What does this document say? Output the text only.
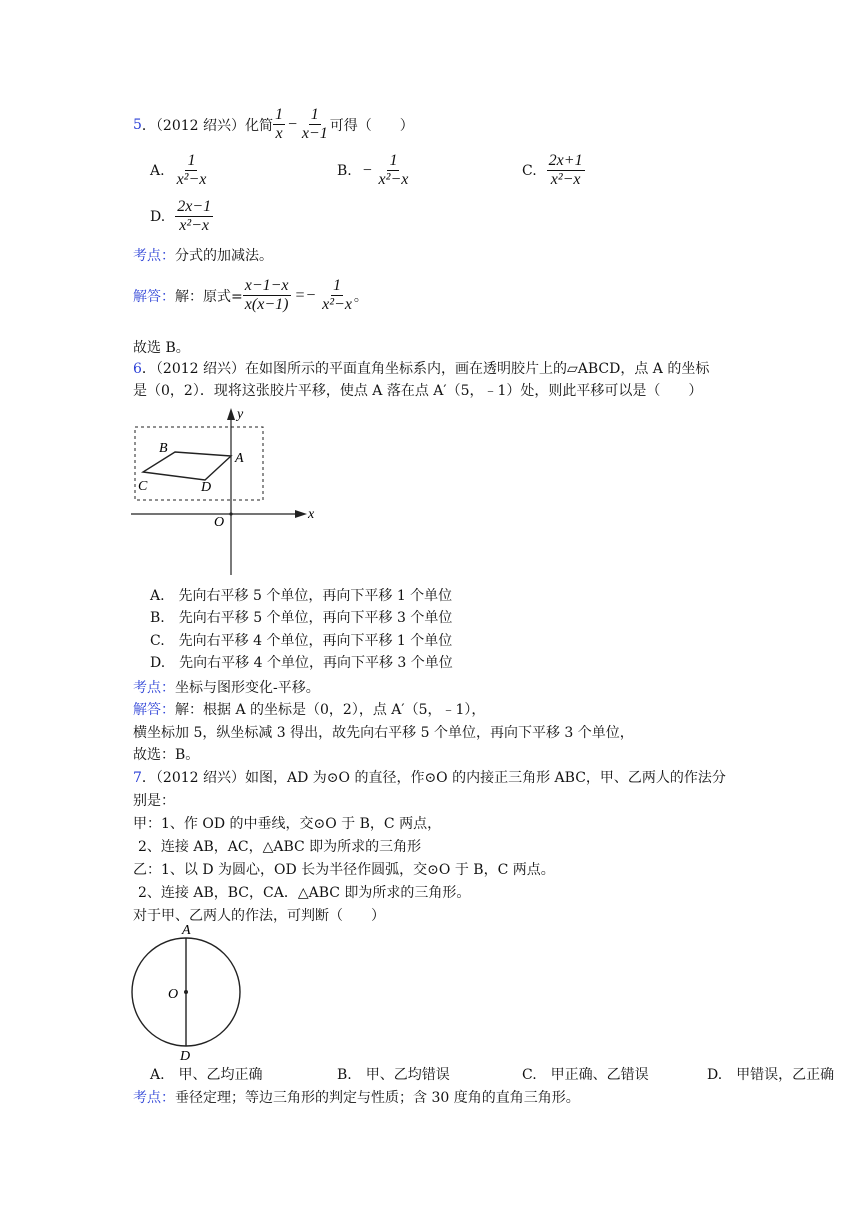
5 ．（2012 绍兴）化简 $\frac{1}{x} - \frac{1}{x-1}$ 可得（　　）
A. $\frac{1}{\text{x²−x}}$	B. − $\frac{1}{\text{x²−x}}$	C. $\frac{2x+1}{\text{x²−x}}$
D. $\frac{2x-1}{\text{x²−x}}$
考点：分式的加减法。
解答： 解：原式= $\frac{x-1-x}{x(x-1)} =- \frac{1}{\text{x²−x}}$ 。
故选 B。
6．（2012 绍兴）在如图所示的平面直角坐标系内，画在透明胶片上的▱ABCD，点 A 的坐标
是（0，2）．现将这张胶片平移，使点 A 落在点 A′（5，﹣1）处，则此平移可以是（　　）
x
y
A
B
C	D
O
A.　先向右平移 5 个单位，再向下平移 1 个单位
B.　先向右平移 5 个单位，再向下平移 3 个单位
C.　先向右平移 4 个单位，再向下平移 1 个单位
D.　先向右平移 4 个单位，再向下平移 3 个单位
考点：坐标与图形变化-平移。
解答：解：根据 A 的坐标是（0，2），点 A′（5，﹣1），
横坐标加 5，纵坐标减 3 得出，故先向右平移 5 个单位，再向下平移 3 个单位，
故选：B。
7．（2012 绍兴）如图，AD 为⊙O 的直径，作⊙O 的内接正三角形 ABC，甲、乙两人的作法分
别是：
甲：1、作 OD 的中垂线，交⊙O 于 B，C 两点，
2、连接 AB，AC，△ABC 即为所求的三角形
乙：1、以 D 为圆心，OD 长为半径作圆弧，交⊙O 于 B，C 两点。
2、连接 AB，BC，CA．△ABC 即为所求的三角形。
对于甲、乙两人的作法，可判断（　　）
A
O
D
A.　甲、乙均正确	B.　甲、乙均错误	C.　甲正确、乙错误	D.　甲错误，乙正确
考点：垂径定理；等边三角形的判定与性质；含 30 度角的直角三角形。
